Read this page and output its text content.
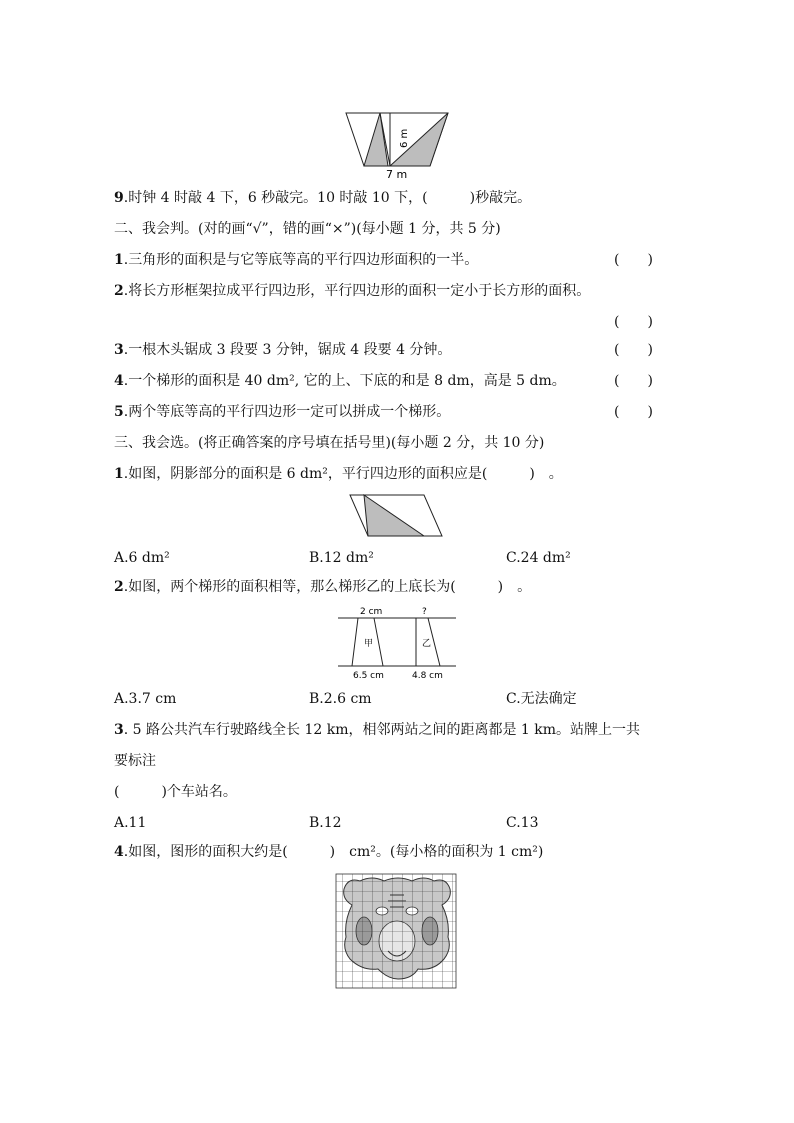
6 m
7 m
9.时钟 4 时敲 4 下，6 秒敲完。10 时敲 10 下，(　　　)秒敲完。
二、我会判。(对的画“√”，错的画“×”)(每小题 1 分，共 5 分)
1.三角形的面积是与它等底等高的平行四边形面积的一半。	(　　)
2.将长方形框架拉成平行四边形，平行四边形的面积一定小于长方形的面积。
(　　)
3.一根木头锯成 3 段要 3 分钟，锯成 4 段要 4 分钟。	(　　)
4.一个梯形的面积是 40 dm², 它的上、下底的和是 8 dm，高是 5 dm。	(　　)
5.两个等底等高的平行四边形一定可以拼成一个梯形。	(　　)
三、我会选。(将正确答案的序号填在括号里)(每小题 2 分，共 10 分)
1.如图，阴影部分的面积是 6 dm²，平行四边形的面积应是(　　　)　。
A.6 dm²	B.12 dm²	C.24 dm²
2.如图，两个梯形的面积相等，那么梯形乙的上底长为(　　　)　。
2 cm	?
甲	乙
6.5 cm	4.8 cm
A.3.7 cm	B.2.6 cm	C.无法确定
3. 5 路公共汽车行驶路线全长 12 km，相邻两站之间的距离都是 1 km。站牌上一共
要标注
(　　　)个车站名。
A.11	B.12	C.13
4.如图，图形的面积大约是(　　　)　cm²。(每小格的面积为 1 cm²)
